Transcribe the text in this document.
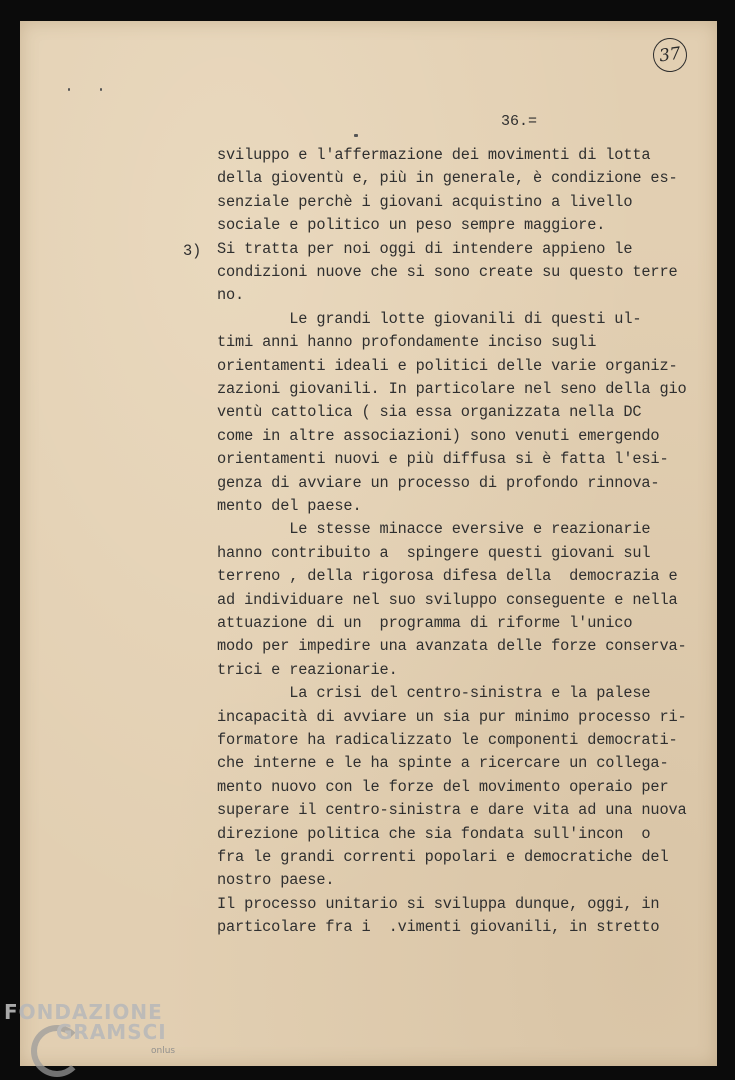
37
36.=
3)
sviluppo e l'affermazione dei movimenti di lotta
della gioventù e, più in generale, è condizione es-
senziale perchè i giovani acquistino a livello
sociale e politico un peso sempre maggiore.
Si tratta per noi oggi di intendere appieno le
condizioni nuove che si sono create su questo terre
no.
Le grandi lotte giovanili di questi ul-
timi anni hanno profondamente inciso sugli
orientamenti ideali e politici delle varie organiz-
zazioni giovanili. In particolare nel seno della gio
ventù cattolica ( sia essa organizzata nella DC
come in altre associazioni) sono venuti emergendo
orientamenti nuovi e più diffusa si è fatta l'esi-
genza di avviare un processo di profondo rinnova-
mento del paese.
Le stesse minacce eversive e reazionarie
hanno contribuito a  spingere questi giovani sul
terreno , della rigorosa difesa della  democrazia e
ad individuare nel suo sviluppo conseguente e nella
attuazione di un  programma di riforme l'unico
modo per impedire una avanzata delle forze conserva-
trici e reazionarie.
La crisi del centro-sinistra e la palese
incapacità di avviare un sia pur minimo processo ri-
formatore ha radicalizzato le componenti democrati-
che interne e le ha spinte a ricercare un collega-
mento nuovo con le forze del movimento operaio per
superare il centro-sinistra e dare vita ad una nuova
direzione politica che sia fondata sull'incon  o
fra le grandi correnti popolari e democratiche del
nostro paese.
Il processo unitario si sviluppa dunque, oggi, in
particolare fra i  .vimenti giovanili, in stretto
FONDAZIONE
GRAMSCI
onlus
